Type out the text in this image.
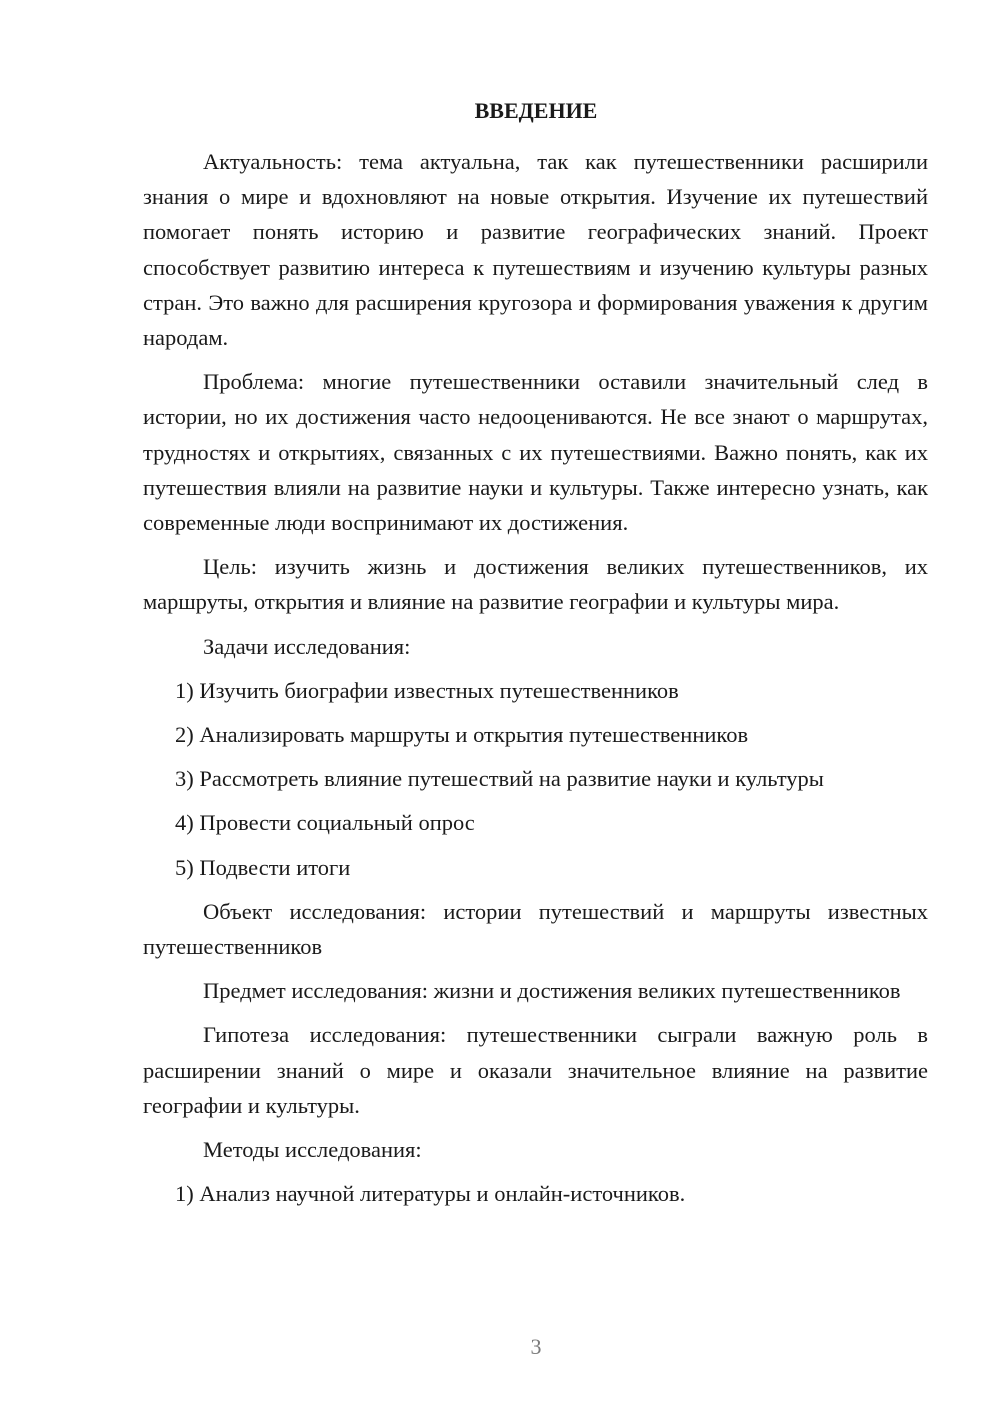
ВВЕДЕНИЕ

Актуальность: тема актуальна, так как путешественники расширили знания о мире и вдохновляют на новые открытия. Изучение их путешествий помогает понять историю и развитие географических знаний. Проект способствует развитию интереса к путешествиям и изучению культуры разных стран. Это важно для расширения кругозора и формирования уважения к другим народам.

Проблема: многие путешественники оставили значительный след в истории, но их достижения часто недооцениваются. Не все знают о маршрутах, трудностях и открытиях, связанных с их путешествиями. Важно понять, как их путешествия влияли на развитие науки и культуры. Также интересно узнать, как современные люди воспринимают их достижения.

Цель: изучить жизнь и достижения великих путешественников, их маршруты, открытия и влияние на развитие географии и культуры мира.

Задачи исследования:

1) Изучить биографии известных путешественников

2) Анализировать маршруты и открытия путешественников

3) Рассмотреть влияние путешествий на развитие науки и культуры

4) Провести социальный опрос

5) Подвести итоги

Объект исследования: истории путешествий и маршруты известных путешественников

Предмет исследования: жизни и достижения великих путешественников

Гипотеза исследования: путешественники сыграли важную роль в расширении знаний о мире и оказали значительное влияние на развитие географии и культуры.

Методы исследования:

1) Анализ научной литературы и онлайн-источников.

3
